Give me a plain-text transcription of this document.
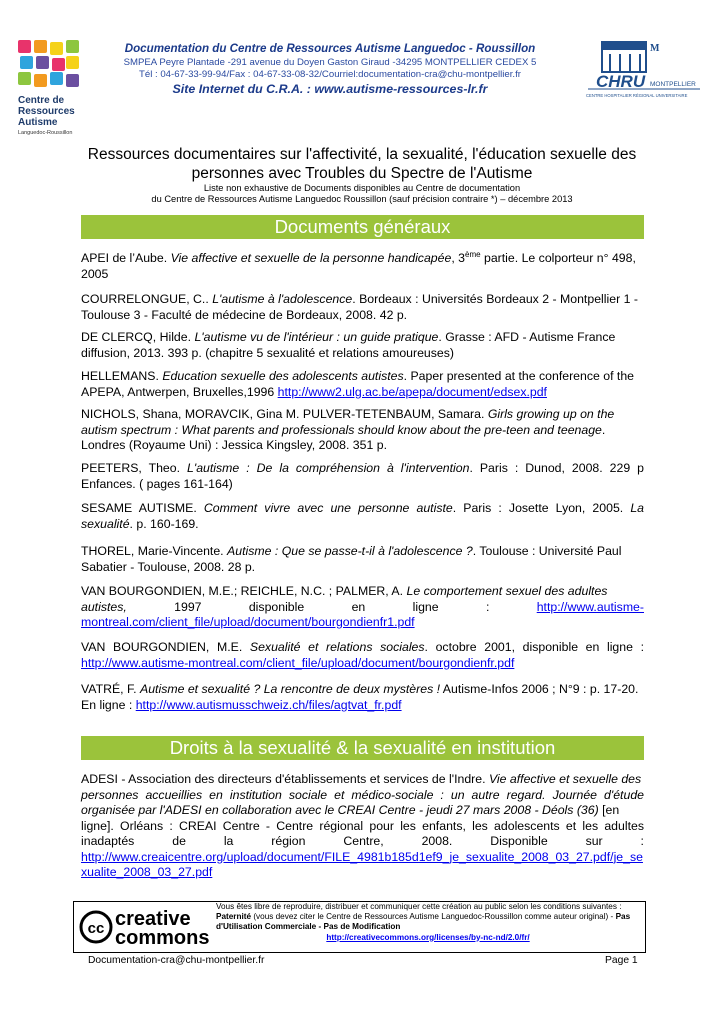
Centre de
Ressources
Autisme
Languedoc-Roussillon
Documentation du Centre de Ressources Autisme Languedoc - Roussillon
SMPEA Peyre Plantade -291 avenue du Doyen Gaston Giraud -34295 MONTPELLIER CEDEX 5
Tél : 04-67-33-99-94/Fax : 04-67-33-08-32/Courriel:documentation-cra@chu-montpellier.fr
Site Internet du C.R.A. : www.autisme-ressources-lr.fr
M
CHRU MONTPELLIER
CENTRE HOSPITALIER RÉGIONAL UNIVERSITAIRE
Ressources documentaires sur l'affectivité, la sexualité, l'éducation sexuelle des
personnes avec Troubles du Spectre de l'Autisme
Liste non exhaustive de Documents disponibles au Centre de documentation
du Centre de Ressources Autisme Languedoc Roussillon (sauf précision contraire *) – décembre 2013
Documents généraux
APEI de l’Aube. Vie affective et sexuelle de la personne handicapée, 3ème partie. Le colporteur n° 498,
2005
COURRELONGUE, C.. L'autisme à l'adolescence. Bordeaux : Universités Bordeaux 2 - Montpellier 1 -
Toulouse 3 - Faculté de médecine de Bordeaux, 2008. 42 p.
DE CLERCQ, Hilde. L'autisme vu de l'intérieur : un guide pratique. Grasse : AFD - Autisme France
diffusion, 2013. 393 p. (chapitre 5 sexualité et relations amoureuses)
HELLEMANS. Education sexuelle des adolescents autistes. Paper presented at the conference of the
APEPA, Antwerpen, Bruxelles,1996 http://www2.ulg.ac.be/apepa/document/edsex.pdf
NICHOLS, Shana, MORAVCIK, Gina M. PULVER-TETENBAUM, Samara. Girls growing up on the
autism spectrum : What parents and professionals should know about the pre-teen and teenage.
Londres (Royaume Uni) : Jessica Kingsley, 2008. 351 p.
PEETERS, Theo. L'autisme : De la compréhension à l'intervention. Paris : Dunod, 2008. 229 p
Enfances. ( pages 161-164)
SESAME AUTISME. Comment vivre avec une personne autiste. Paris : Josette Lyon, 2005. La
sexualité. p. 160-169.
THOREL, Marie-Vincente. Autisme : Que se passe-t-il à l'adolescence ?. Toulouse : Université Paul
Sabatier - Toulouse, 2008. 28 p.
VAN BOURGONDIEN, M.E.; REICHLE, N.C. ; PALMER, A. Le comportement sexuel des adultes
autistes,	1997	disponible	en	ligne	:	http://www.autisme-
montreal.com/client_file/upload/document/bourgondienfr1.pdf
VAN BOURGONDIEN, M.E. Sexualité et relations sociales. octobre 2001, disponible en ligne :
http://www.autisme-montreal.com/client_file/upload/document/bourgondienfr.pdf
VATRÉ, F. Autisme et sexualité ? La rencontre de deux mystères ! Autisme-Infos 2006 ; N°9 : p. 17-20.
En ligne : http://www.autismusschweiz.ch/files/agtvat_fr.pdf
Droits à la sexualité & la sexualité en institution
ADESI - Association des directeurs d'établissements et services de l'Indre. Vie affective et sexuelle des
personnes accueillies en institution sociale et médico-sociale : un autre regard. Journée d'étude
organisée par l'ADESI en collaboration avec le CREAI Centre - jeudi 27 mars 2008 - Déols (36) [en
ligne]. Orléans : CREAI Centre - Centre régional pour les enfants, les adolescents et les adultes
inadaptés	de	la	région	Centre,	2008.	Disponible	sur	:
http://www.creaicentre.org/upload/document/FILE_4981b185d1ef9_je_sexualite_2008_03_27.pdf/je_se
xualite_2008_03_27.pdf
cc creative
commons
Vous êtes libre de reproduire, distribuer et communiquer cette création au public selon les conditions suivantes : Paternité (vous devez citer le Centre de Ressources Autisme Languedoc-Roussillon comme auteur original) - Pas d'Utilisation Commerciale - Pas de Modification
http://creativecommons.org/licenses/by-nc-nd/2.0/fr/
Documentation-cra@chu-montpellier.fr	Page 1
